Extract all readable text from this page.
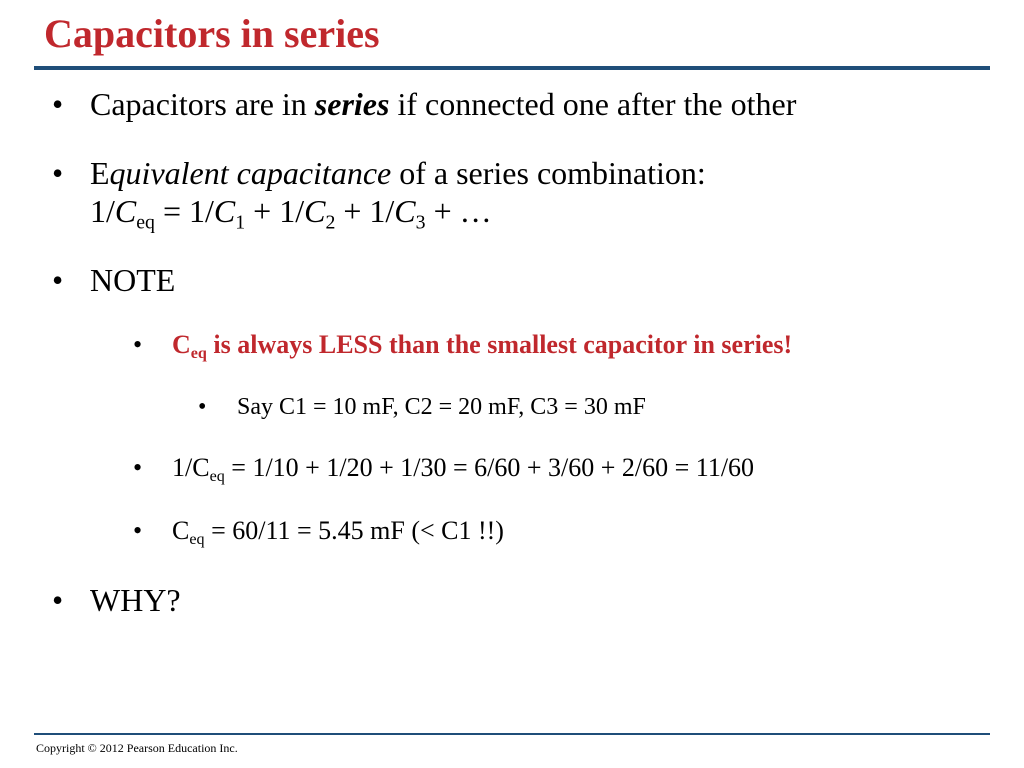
Capacitors in series
• Capacitors are in series if connected one after the other
• Equivalent capacitance of a series combination:
$1/C_{eq} = 1/C_1 + 1/C_2 + 1/C_3$ + …
• NOTE
• $C_{eq}$ is always LESS than the smallest capacitor in series!
• Say C1 = 10 mF, C2 = 20 mF, C3 = 30 mF
• $1/C_{eq} = 1/10 + 1/20 + 1/30 = 6/60 + 3/60 + 2/60 = 11/60$
• $C_{eq} = 60/11 = 5.45$ mF (< C1 !!)
• WHY?
Copyright © 2012 Pearson Education Inc.
